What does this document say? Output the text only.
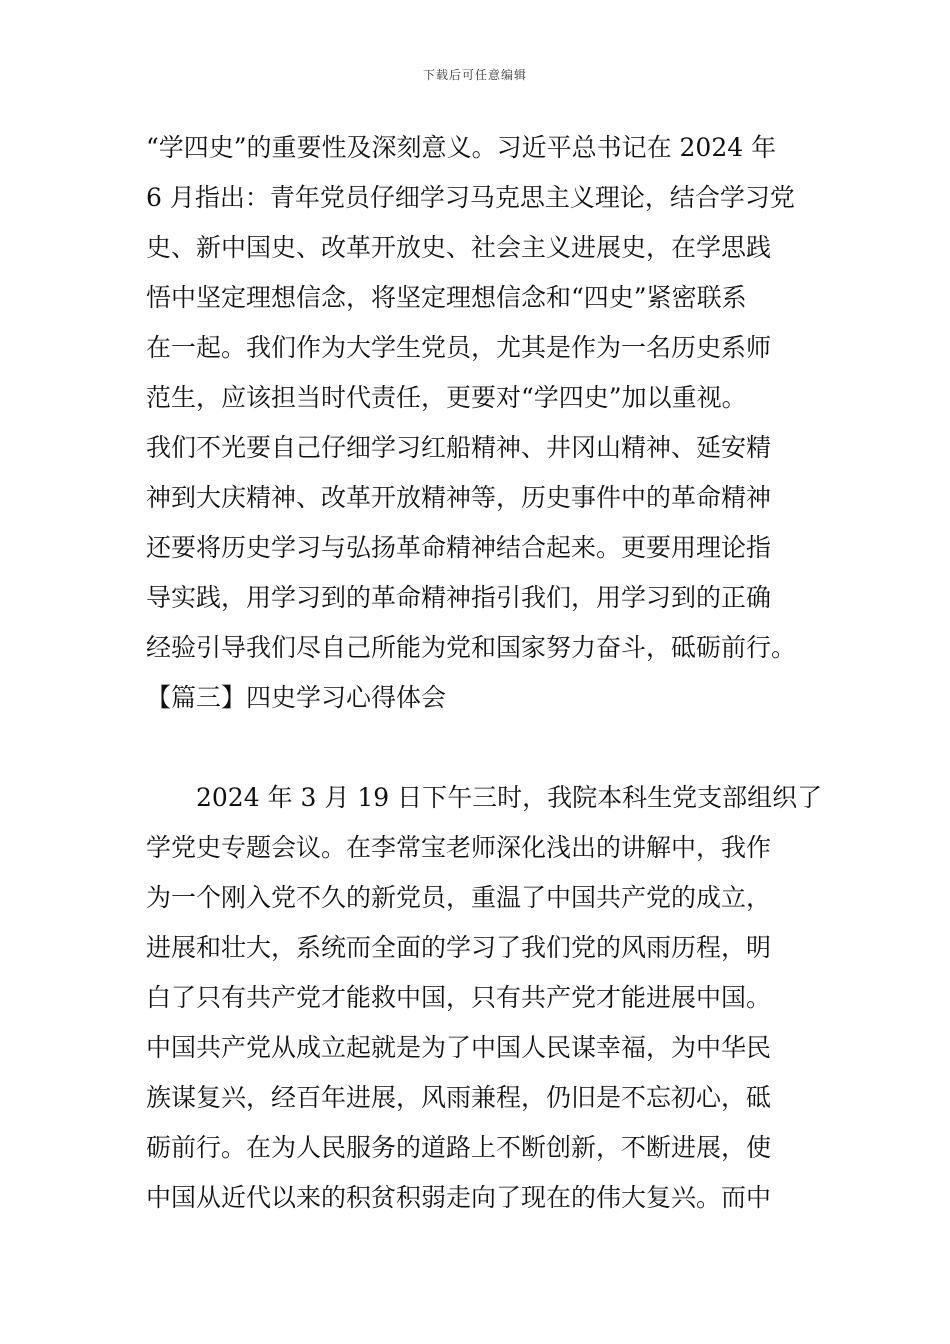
下载后可任意编辑
“学四史”的重要性及深刻意义。习近平总书记在 2024 年
6 月指出：青年党员仔细学习马克思主义理论，结合学习党
史、新中国史、改革开放史、社会主义进展史，在学思践
悟中坚定理想信念，将坚定理想信念和“四史”紧密联系
在一起。我们作为大学生党员，尤其是作为一名历史系师
范生，应该担当时代责任，更要对“学四史”加以重视。
我们不光要自己仔细学习红船精神、井冈山精神、延安精
神到大庆精神、改革开放精神等，历史事件中的革命精神
还要将历史学习与弘扬革命精神结合起来。更要用理论指
导实践，用学习到的革命精神指引我们，用学习到的正确
经验引导我们尽自己所能为党和国家努力奋斗，砥砺前行。
【篇三】四史学习心得体会
2024 年 3 月 19 日下午三时，我院本科生党支部组织了
学党史专题会议。在李常宝老师深化浅出的讲解中，我作
为一个刚入党不久的新党员，重温了中国共产党的成立，
进展和壮大，系统而全面的学习了我们党的风雨历程，明
白了只有共产党才能救中国，只有共产党才能进展中国。
中国共产党从成立起就是为了中国人民谋幸福，为中华民
族谋复兴，经百年进展，风雨兼程，仍旧是不忘初心，砥
砺前行。在为人民服务的道路上不断创新，不断进展，使
中国从近代以来的积贫积弱走向了现在的伟大复兴。而中
